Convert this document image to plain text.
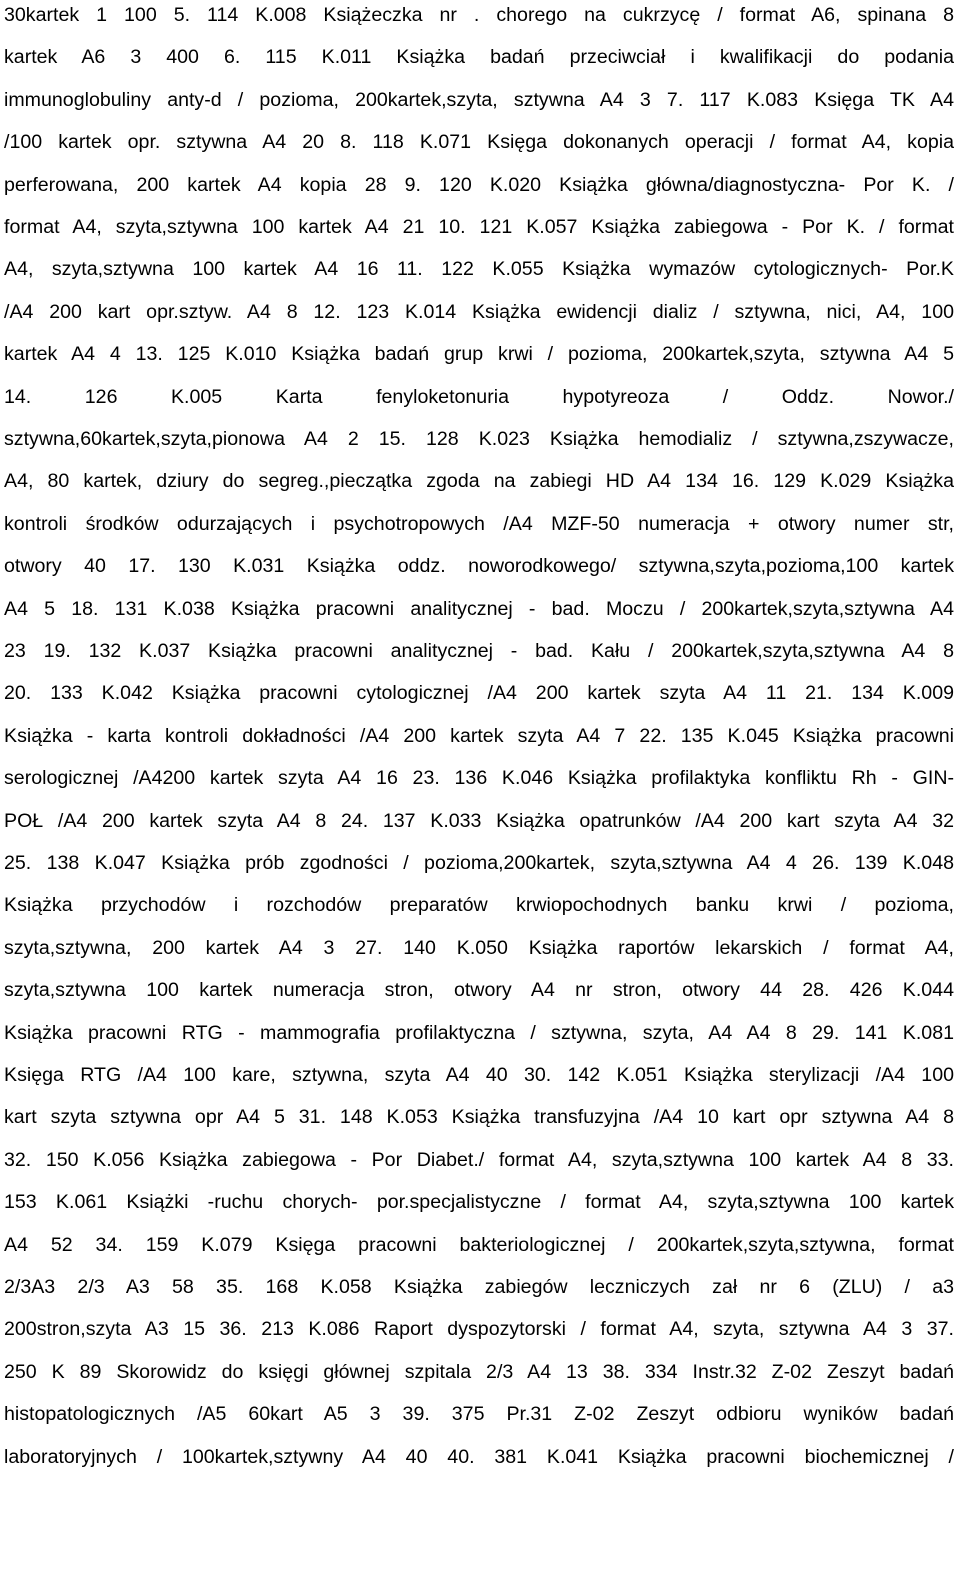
30kartek 1 100 5. 114 K.008 Książeczka nr . chorego na cukrzycę / format A6, spinana 8

kartek A6 3 400 6. 115 K.011 Książka badań przeciwciał i kwalifikacji do podania

immunoglobuliny anty-d / pozioma, 200kartek,szyta, sztywna A4 3 7. 117 K.083 Księga TK A4

/100 kartek opr. sztywna A4 20 8. 118 K.071 Księga dokonanych operacji / format A4, kopia

perferowana, 200 kartek A4 kopia 28 9. 120 K.020 Książka główna/diagnostyczna- Por K. /

format A4, szyta,sztywna 100 kartek A4 21 10. 121 K.057 Książka zabiegowa - Por K. / format

A4, szyta,sztywna 100 kartek A4 16 11. 122 K.055 Książka wymazów cytologicznych- Por.K

/A4 200 kart opr.sztyw. A4 8 12. 123 K.014 Książka ewidencji dializ / sztywna, nici, A4, 100

kartek A4 4 13. 125 K.010 Książka badań grup krwi / pozioma, 200kartek,szyta, sztywna A4 5

14. 126 K.005 Karta fenyloketonuria hypotyreoza / Oddz. Nowor./

sztywna,60kartek,szyta,pionowa A4 2 15. 128 K.023 Książka hemodializ / sztywna,zszywacze,

A4, 80 kartek, dziury do segreg.,pieczątka zgoda na zabiegi HD A4 134 16. 129 K.029 Książka

kontroli środków odurzających i psychotropowych /A4 MZF-50 numeracja + otwory numer str,

otwory 40 17. 130 K.031 Książka oddz. noworodkowego/ sztywna,szyta,pozioma,100 kartek

A4 5 18. 131 K.038 Książka pracowni analitycznej - bad. Moczu / 200kartek,szyta,sztywna A4

23 19. 132 K.037 Książka pracowni analitycznej - bad. Kału / 200kartek,szyta,sztywna A4 8

20. 133 K.042 Książka pracowni cytologicznej /A4 200 kartek szyta A4 11 21. 134 K.009

Książka - karta kontroli dokładności /A4 200 kartek szyta A4 7 22. 135 K.045 Książka pracowni

serologicznej /A4200 kartek szyta A4 16 23. 136 K.046 Książka profilaktyka konfliktu Rh - GIN-

POŁ /A4 200 kartek szyta A4 8 24. 137 K.033 Książka opatrunków /A4 200 kart szyta A4 32

25. 138 K.047 Książka prób zgodności / pozioma,200kartek, szyta,sztywna A4 4 26. 139 K.048

Książka przychodów i rozchodów preparatów krwiopochodnych banku krwi / pozioma,

szyta,sztywna, 200 kartek A4 3 27. 140 K.050 Książka raportów lekarskich / format A4,

szyta,sztywna 100 kartek numeracja stron, otwory A4 nr stron, otwory 44 28. 426 K.044

Książka pracowni RTG - mammografia profilaktyczna / sztywna, szyta, A4 A4 8 29. 141 K.081

Księga RTG /A4 100 kare, sztywna, szyta A4 40 30. 142 K.051 Książka sterylizacji /A4 100

kart szyta sztywna opr A4 5 31. 148 K.053 Książka transfuzyjna /A4 10 kart opr sztywna A4 8

32. 150 K.056 Książka zabiegowa - Por Diabet./ format A4, szyta,sztywna 100 kartek A4 8 33.

153 K.061 Książki -ruchu chorych- por.specjalistyczne / format A4, szyta,sztywna 100 kartek

A4 52 34. 159 K.079 Księga pracowni bakteriologicznej / 200kartek,szyta,sztywna, format

2/3A3 2/3 A3 58 35. 168 K.058 Książka zabiegów leczniczych zał nr 6 (ZLU) / a3

200stron,szyta A3 15 36. 213 K.086 Raport dyspozytorski / format A4, szyta, sztywna A4 3 37.

250 K 89 Skorowidz do księgi głównej szpitala 2/3 A4 13 38. 334 Instr.32 Z-02 Zeszyt badań

histopatologicznych /A5 60kart A5 3 39. 375 Pr.31 Z-02 Zeszyt odbioru wyników badań

laboratoryjnych / 100kartek,sztywny A4 40 40. 381 K.041 Książka pracowni biochemicznej /
